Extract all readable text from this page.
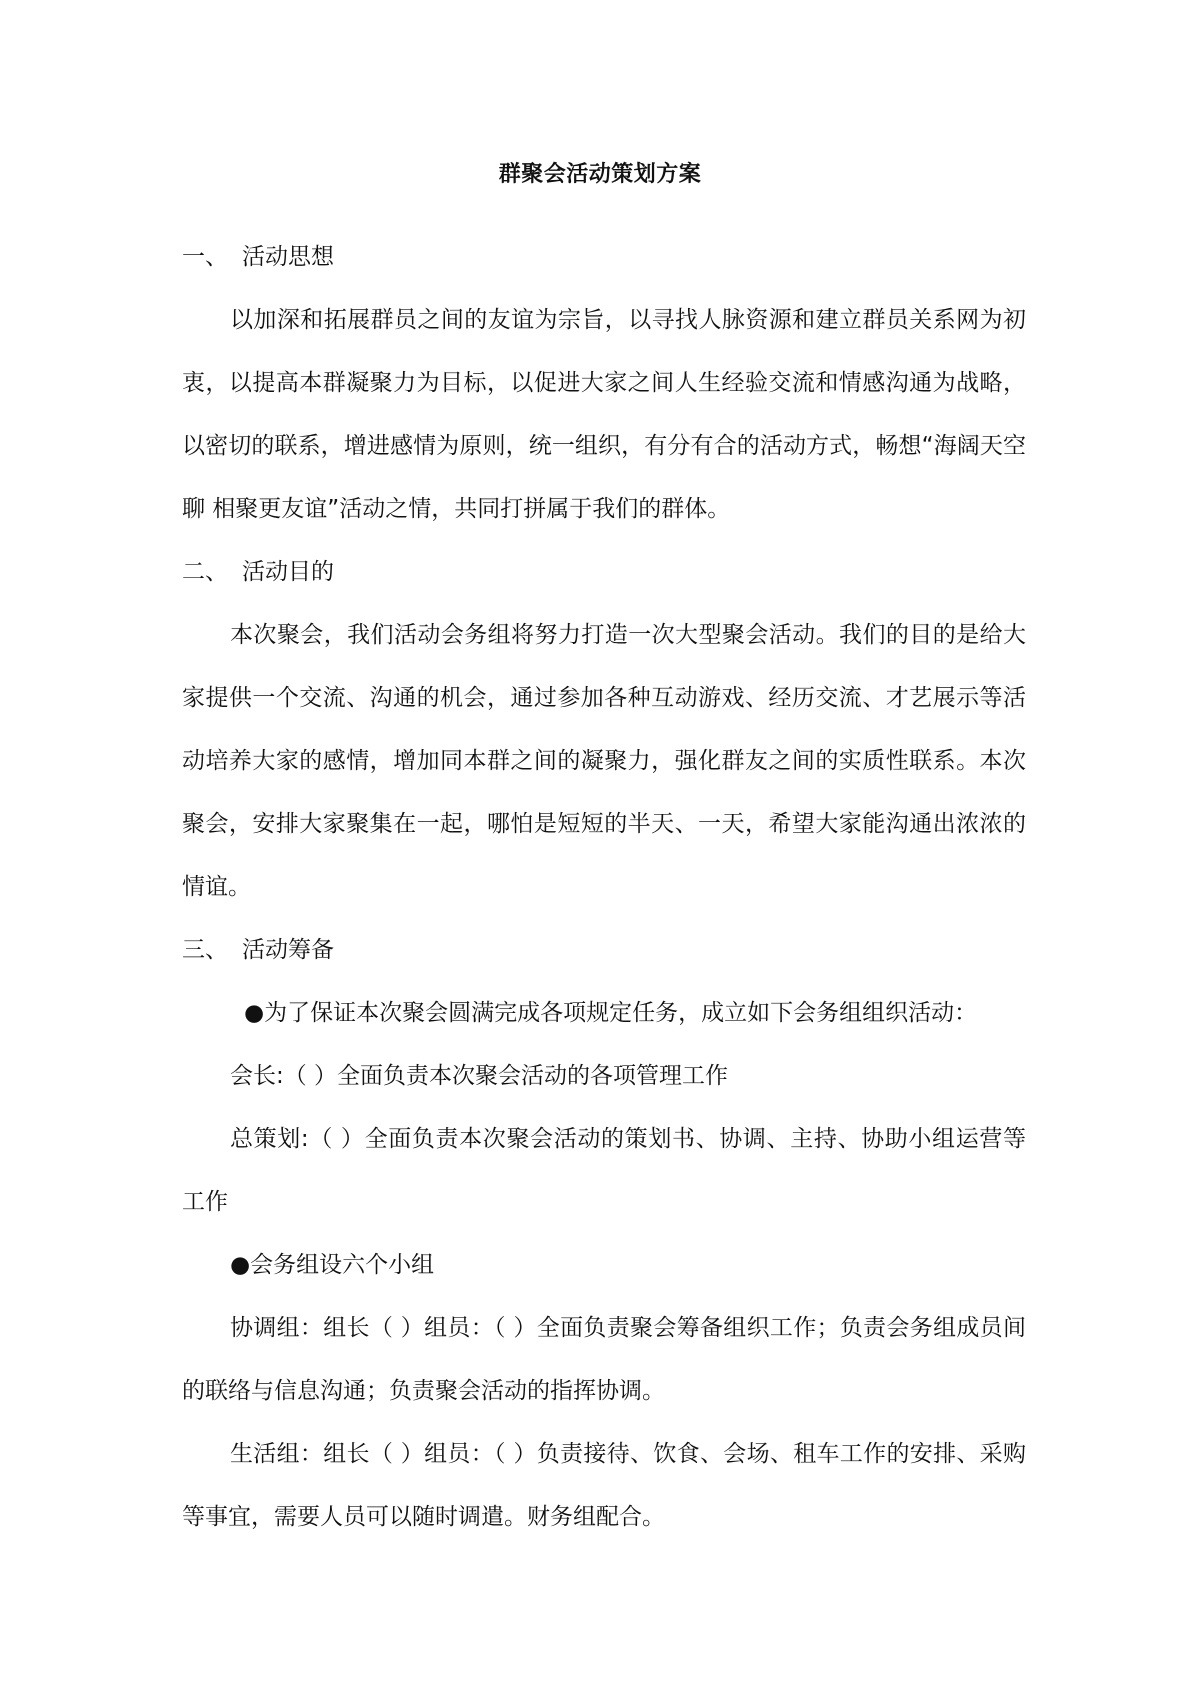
群聚会活动策划方案
一、 活动思想

以加深和拓展群员之间的友谊为宗旨，以寻找人脉资源和建立群员关系网为初衷，以提高本群凝聚力为目标，以促进大家之间人生经验交流和情感沟通为战略，以密切的联系，增进感情为原则，统一组织，有分有合的活动方式，畅想“海阔天空聊 相聚更友谊”活动之情，共同打拼属于我们的群体。

二、 活动目的

本次聚会，我们活动会务组将努力打造一次大型聚会活动。我们的目的是给大家提供一个交流、沟通的机会，通过参加各种互动游戏、经历交流、才艺展示等活动培养大家的感情，增加同本群之间的凝聚力，强化群友之间的实质性联系。本次聚会，安排大家聚集在一起，哪怕是短短的半天、一天，希望大家能沟通出浓浓的情谊。

三、 活动筹备

●为了保证本次聚会圆满完成各项规定任务，成立如下会务组组织活动：

会长:（ ）全面负责本次聚会活动的各项管理工作

总策划:（ ）全面负责本次聚会活动的策划书、协调、主持、协助小组运营等工作

●会务组设六个小组

协调组：组长（ ）组员：（ ）全面负责聚会筹备组织工作；负责会务组成员间的联络与信息沟通；负责聚会活动的指挥协调。

生活组：组长（ ）组员：（ ）负责接待、饮食、会场、租车工作的安排、采购等事宜，需要人员可以随时调遣。财务组配合。
